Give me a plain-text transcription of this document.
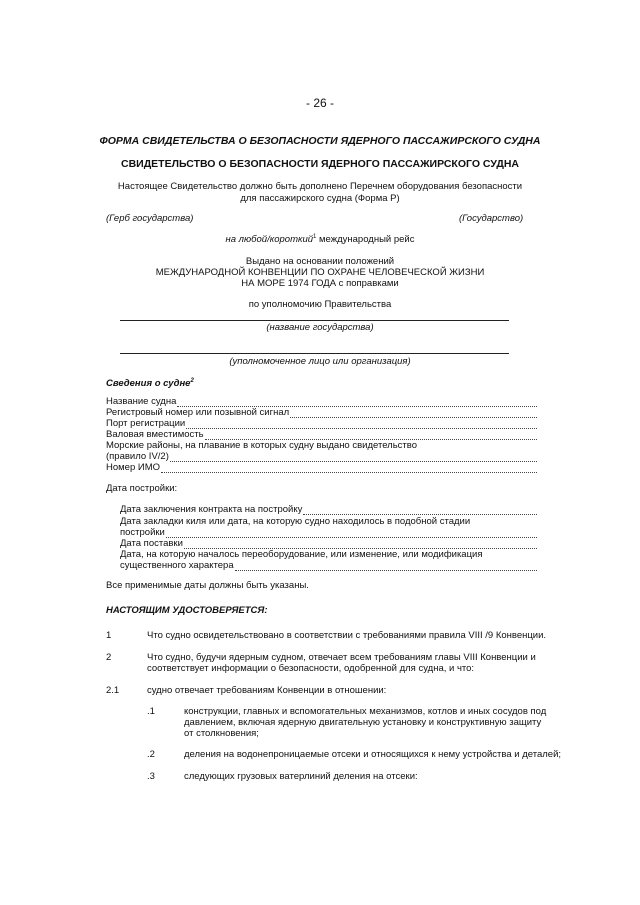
- 26 -
ФОРМА СВИДЕТЕЛЬСТВА О БЕЗОПАСНОСТИ ЯДЕРНОГО ПАССАЖИРСКОГО СУДНА
СВИДЕТЕЛЬСТВО О БЕЗОПАСНОСТИ ЯДЕРНОГО ПАССАЖИРСКОГО СУДНА
Настоящее Свидетельство должно быть дополнено Перечнем оборудования безопасности
для пассажирского судна (Форма Р)
(Герб государства)	(Государство)
на любой/короткий$^1$ международный рейс
Выдано на основании положений
МЕЖДУНАРОДНОЙ КОНВЕНЦИИ ПО ОХРАНЕ ЧЕЛОВЕЧЕСКОЙ ЖИЗНИ
НА МОРЕ 1974 ГОДА с поправками
по уполномочию Правительства
(название государства)
(уполномоченное лицо или организация)
Сведения о судне$^2$
Название судна
Регистровый номер или позывной сигнал
Порт регистрации
Валовая вместимость
Морские районы, на плавание в которых судну выдано свидетельство
(правило IV/2)
Номер ИМО
Дата постройки:
Дата заключения контракта на постройку
Дата закладки киля или дата, на которую судно находилось в подобной стадии
постройки
Дата поставки
Дата, на которую началось переоборудование, или изменение, или модификация
существенного характера
Все применимые даты должны быть указаны.
НАСТОЯЩИМ УДОСТОВЕРЯЕТСЯ:
1	Что судно освидетельствовано в соответствии с требованиями правила VIII /9 Конвенции.
2	Что судно, будучи ядерным судном, отвечает всем требованиям главы VIII Конвенции и
соответствует информации о безопасности, одобренной для судна, и что:
2.1	судно отвечает требованиям Конвенции в отношении:
.1	конструкции, главных и вспомогательных механизмов, котлов и иных сосудов под
давлением, включая ядерную двигательную установку и конструктивную защиту
от столкновения;
.2	деления на водонепроницаемые отсеки и относящихся к нему устройства и деталей;
.3	следующих грузовых ватерлиний деления на отсеки:
